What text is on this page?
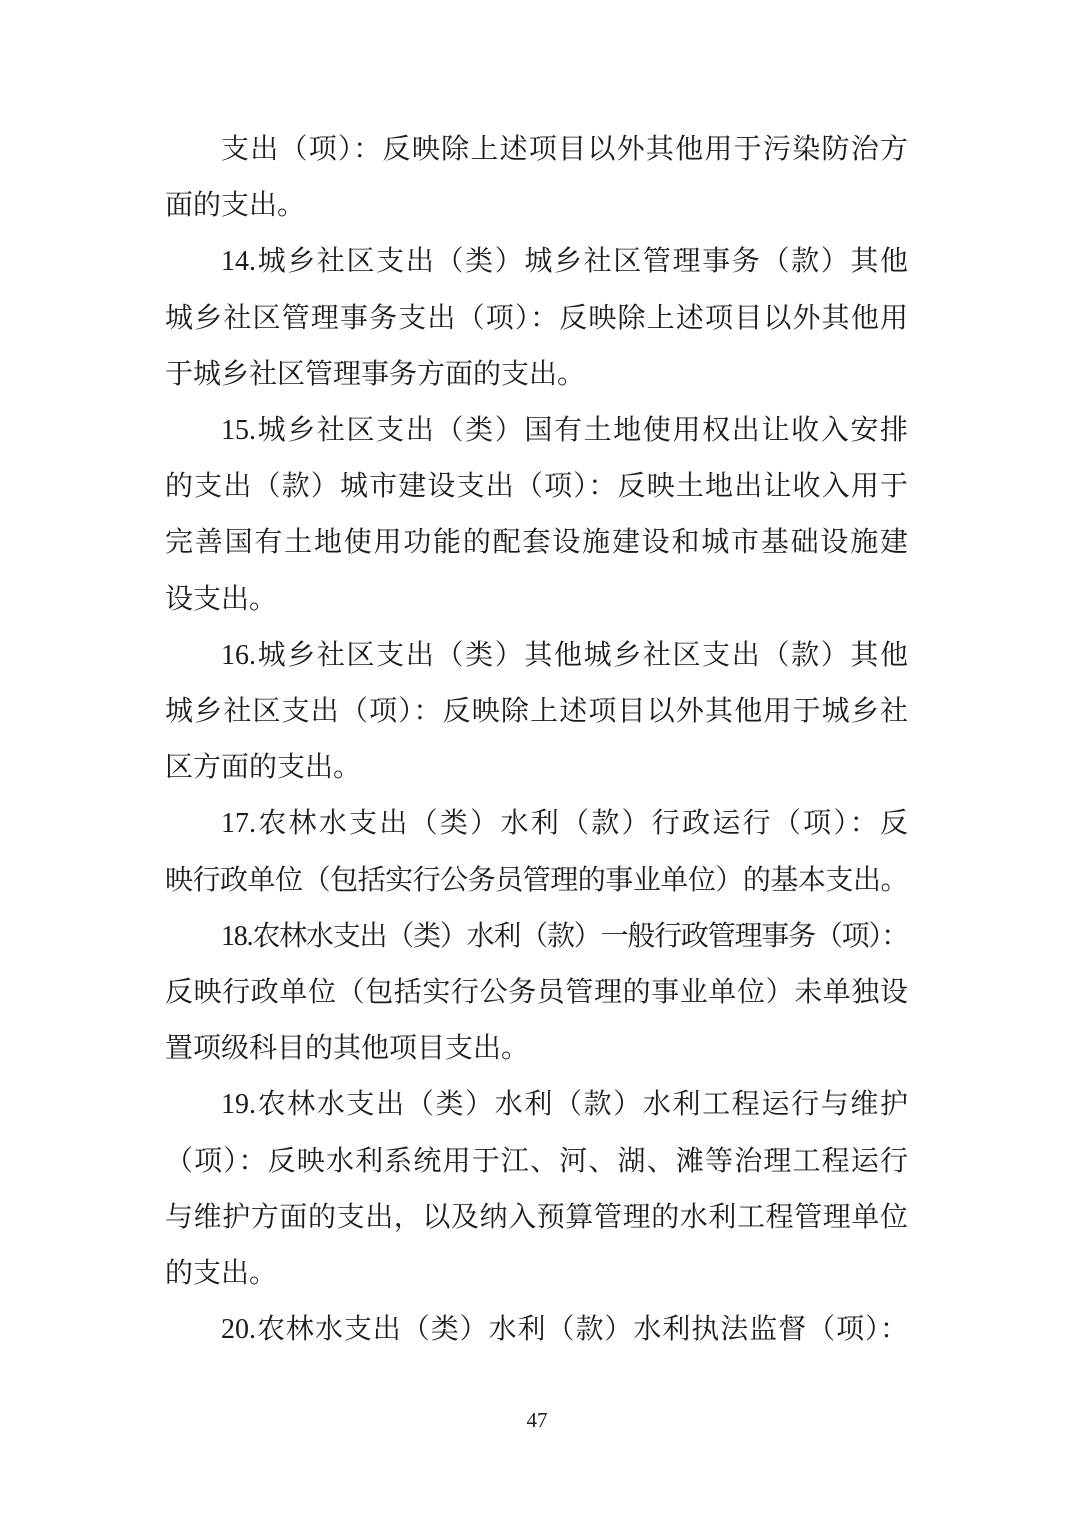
支出（项）：反映除上述项目以外其他用于污染防治方
面的支出。
14.城乡社区支出（类）城乡社区管理事务（款）其他
城乡社区管理事务支出（项）：反映除上述项目以外其他用
于城乡社区管理事务方面的支出。
15.城乡社区支出（类）国有土地使用权出让收入安排
的支出（款）城市建设支出（项）：反映土地出让收入用于
完善国有土地使用功能的配套设施建设和城市基础设施建
设支出。
16.城乡社区支出（类）其他城乡社区支出（款）其他
城乡社区支出（项）：反映除上述项目以外其他用于城乡社
区方面的支出。
17.农林水支出（类）水利（款）行政运行（项）：反
映行政单位（包括实行公务员管理的事业单位）的基本支出。
18.农林水支出（类）水利（款）一般行政管理事务（项）：
反映行政单位（包括实行公务员管理的事业单位）未单独设
置项级科目的其他项目支出。
19.农林水支出（类）水利（款）水利工程运行与维护
（项）：反映水利系统用于江、河、湖、滩等治理工程运行
与维护方面的支出，以及纳入预算管理的水利工程管理单位
的支出。
20.农林水支出（类）水利（款）水利执法监督（项）：
47
